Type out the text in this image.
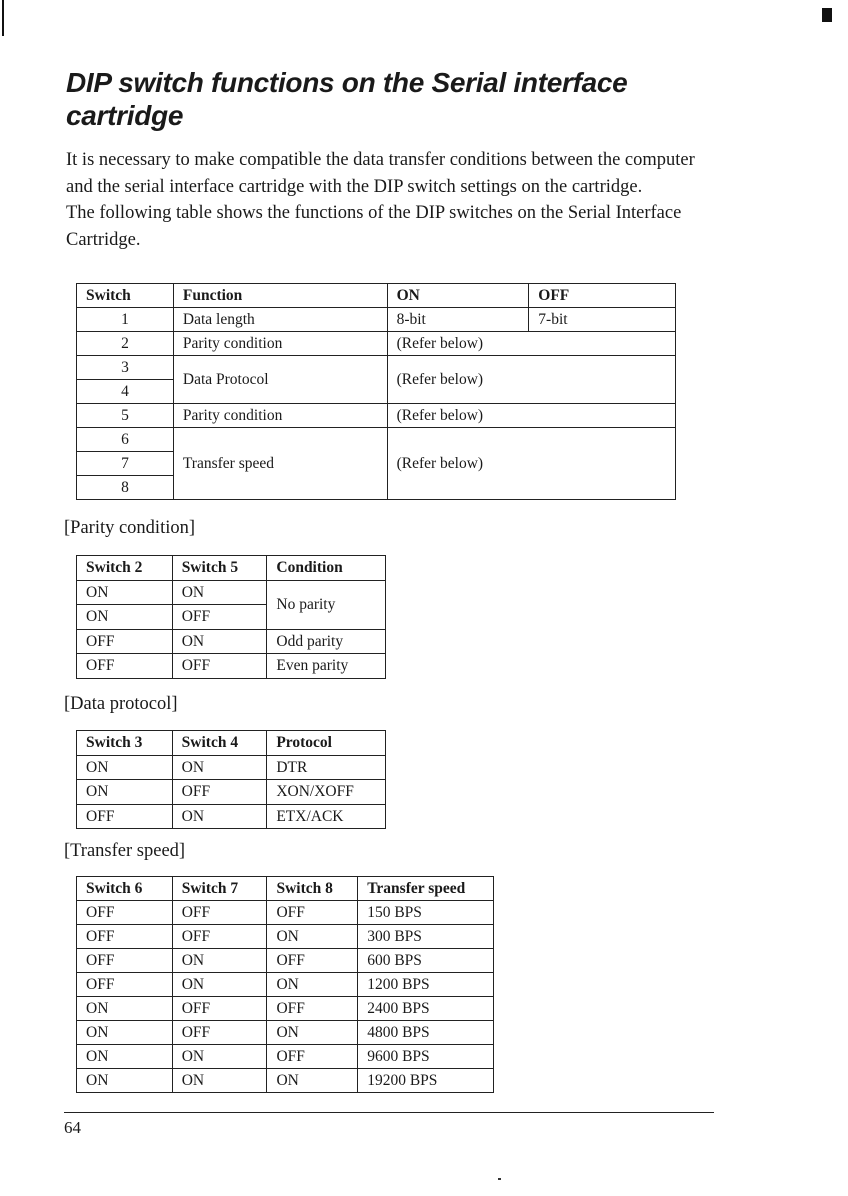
DIP switch functions on the Serial interface cartridge

It is necessary to make compatible the data transfer conditions between the computer and the serial interface cartridge with the DIP switch settings on the cartridge.

The following table shows the functions of the DIP switches on the Serial Interface Cartridge.

Switch	Function	ON	OFF
1	Data length	8-bit	7-bit
2	Parity condition	(Refer below)	
3	Data Protocol	(Refer below)	
4			
5	Parity condition	(Refer below)	
6	Transfer speed	(Refer below)	
7			
8			

[Parity condition]

Switch 2	Switch 5	Condition
ON	ON	No parity
ON	OFF	
OFF	ON	Odd parity
OFF	OFF	Even parity

[Data protocol]

Switch 3	Switch 4	Protocol
ON	ON	DTR
ON	OFF	XON/XOFF
OFF	ON	ETX/ACK

[Transfer speed]

Switch 6	Switch 7	Switch 8	Transfer speed
OFF	OFF	OFF	150 BPS
OFF	OFF	ON	300 BPS
OFF	ON	OFF	600 BPS
OFF	ON	ON	1200 BPS
ON	OFF	OFF	2400 BPS
ON	OFF	ON	4800 BPS
ON	ON	OFF	9600 BPS
ON	ON	ON	19200 BPS
64
